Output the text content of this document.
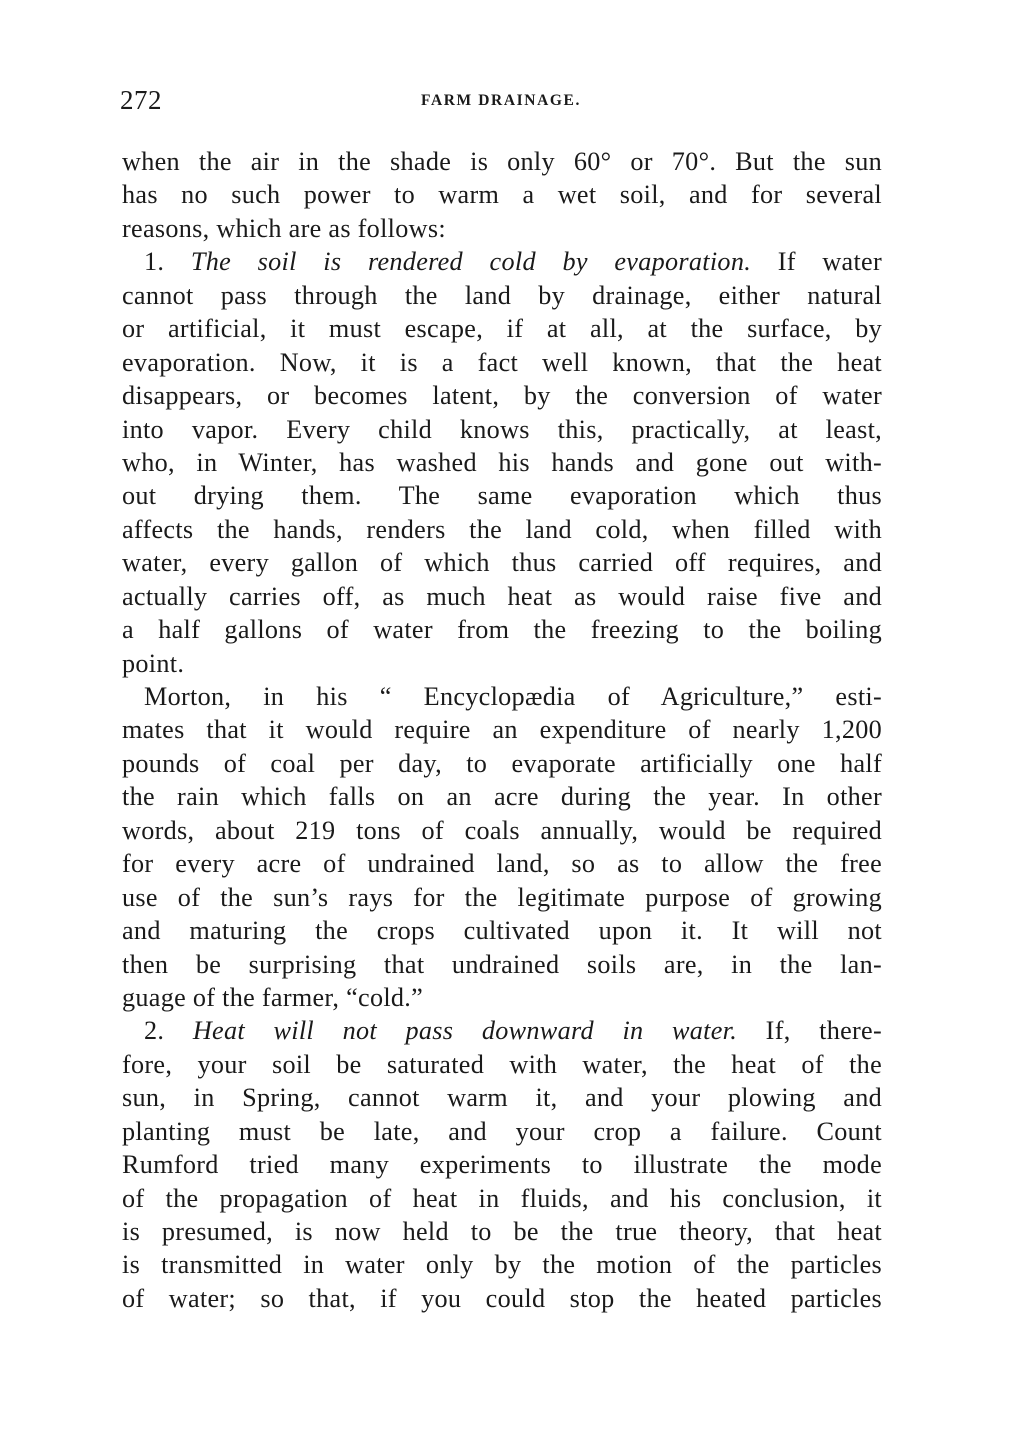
272	FARM DRAINAGE.
when the air in the shade is only 60° or 70°. But the sun
has no such power to warm a wet soil, and for several
reasons, which are as follows:
1. The soil is rendered cold by evaporation. If water
cannot pass through the land by drainage, either natural
or artificial, it must escape, if at all, at the surface, by
evaporation. Now, it is a fact well known, that the heat
disappears, or becomes latent, by the conversion of water
into vapor. Every child knows this, practically, at least,
who, in Winter, has washed his hands and gone out with-
out drying them. The same evaporation which thus
affects the hands, renders the land cold, when filled with
water, every gallon of which thus carried off requires, and
actually carries off, as much heat as would raise five and
a half gallons of water from the freezing to the boiling
point.
Morton, in his “ Encyclopædia of Agriculture,” esti-
mates that it would require an expenditure of nearly 1,200
pounds of coal per day, to evaporate artificially one half
the rain which falls on an acre during the year. In other
words, about 219 tons of coals annually, would be required
for every acre of undrained land, so as to allow the free
use of the sun’s rays for the legitimate purpose of growing
and maturing the crops cultivated upon it. It will not
then be surprising that undrained soils are, in the lan-
guage of the farmer, “cold.”
2. Heat will not pass downward in water. If, there-
fore, your soil be saturated with water, the heat of the
sun, in Spring, cannot warm it, and your plowing and
planting must be late, and your crop a failure. Count
Rumford tried many experiments to illustrate the mode
of the propagation of heat in fluids, and his conclusion, it
is presumed, is now held to be the true theory, that heat
is transmitted in water only by the motion of the particles
of water; so that, if you could stop the heated particles
